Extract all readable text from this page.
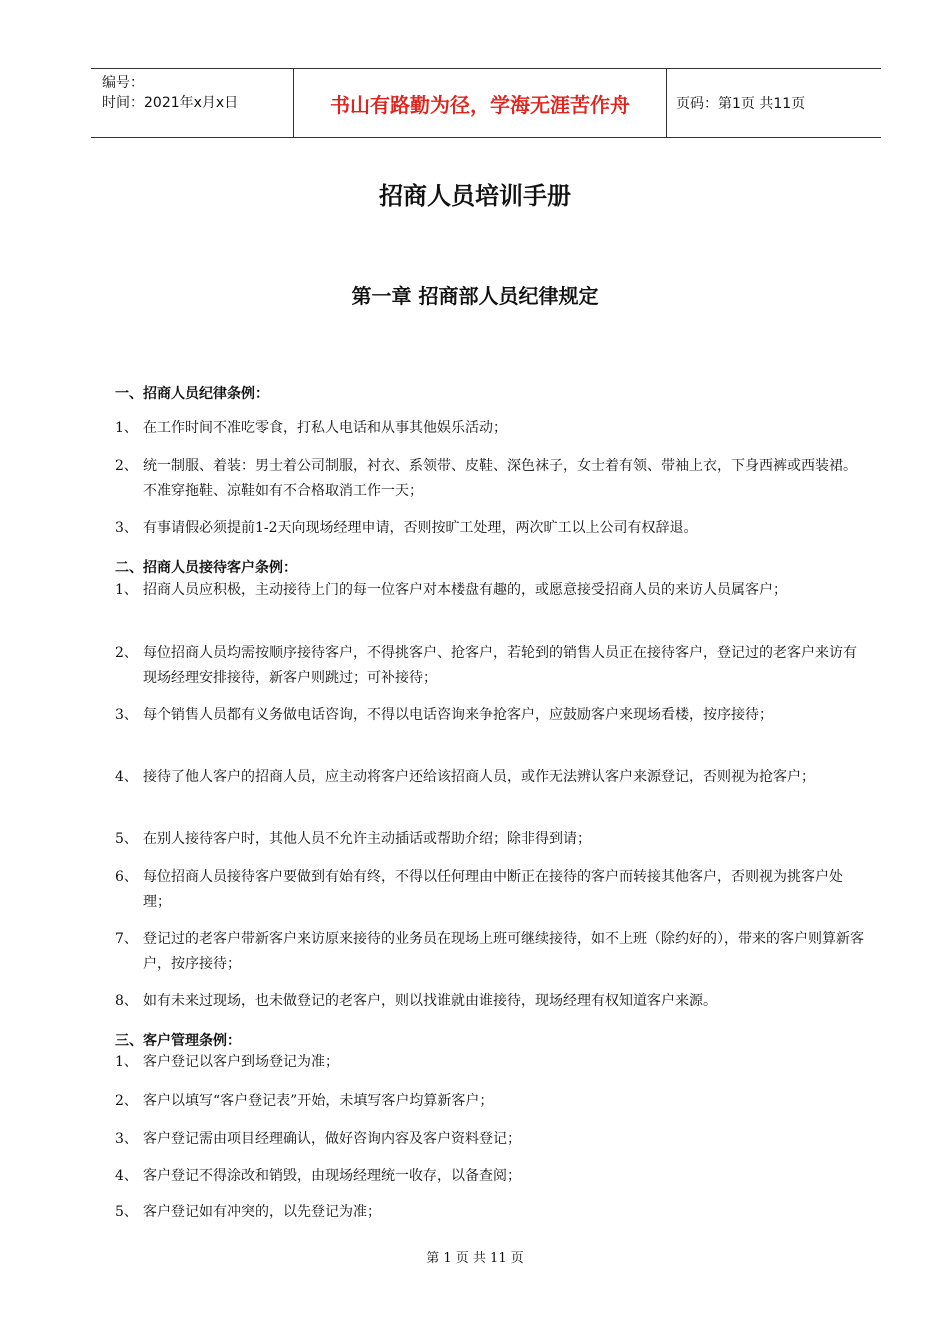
编号：
时间：2021年x月x日	书山有路勤为径，学海无涯苦作舟	页码：第1页 共11页
招商人员培训手册
第一章 招商部人员纪律规定
一、招商人员纪律条例：
1、 在工作时间不准吃零食，打私人电话和从事其他娱乐活动；
2、 统一制服、着装：男士着公司制服，衬衣、系领带、皮鞋、深色袜子，女士着有领、带袖上衣，下身西裤或西装裙。不准穿拖鞋、凉鞋如有不合格取消工作一天；
3、 有事请假必须提前1-2天向现场经理申请，否则按旷工处理，两次旷工以上公司有权辞退。
二、招商人员接待客户条例：
1、 招商人员应积极，主动接待上门的每一位客户对本楼盘有趣的，或愿意接受招商人员的来访人员属客户；
2、 每位招商人员均需按顺序接待客户，不得挑客户、抢客户，若轮到的销售人员正在接待客户，登记过的老客户来访有现场经理安排接待，新客户则跳过；可补接待；
3、 每个销售人员都有义务做电话咨询，不得以电话咨询来争抢客户，应鼓励客户来现场看楼，按序接待；
4、 接待了他人客户的招商人员，应主动将客户还给该招商人员，或作无法辨认客户来源登记，否则视为抢客户；
5、 在别人接待客户时，其他人员不允许主动插话或帮助介绍；除非得到请；
6、 每位招商人员接待客户要做到有始有终，不得以任何理由中断正在接待的客户而转接其他客户，否则视为挑客户处理；
7、 登记过的老客户带新客户来访原来接待的业务员在现场上班可继续接待，如不上班（除约好的），带来的客户则算新客户，按序接待；
8、 如有未来过现场，也未做登记的老客户，则以找谁就由谁接待，现场经理有权知道客户来源。
三、客户管理条例：
1、 客户登记以客户到场登记为准；
2、 客户以填写“客户登记表”开始，未填写客户均算新客户；
3、 客户登记需由项目经理确认，做好咨询内容及客户资料登记；
4、 客户登记不得涂改和销毁，由现场经理统一收存，以备查阅；
5、 客户登记如有冲突的，以先登记为准；
第 1 页 共 11 页
